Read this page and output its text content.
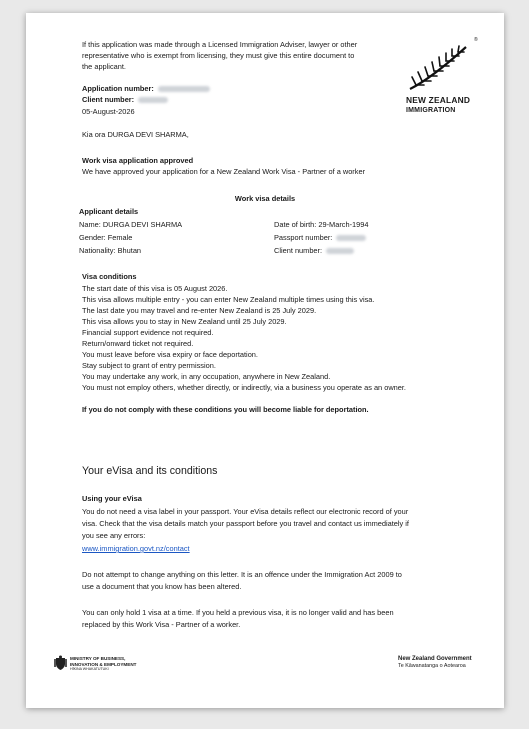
If this application was made through a Licensed Immigration Adviser, lawyer or other
representative who is exempt from licensing, they must give this entire document to
the applicant.
®
NEW ZEALAND
IMMIGRATION
Application number:
Client number:
05-August-2026
Kia ora DURGA DEVI SHARMA,
Work visa application approved
We have approved your application for a New Zealand Work Visa - Partner of a worker
Work visa details
Applicant details
Name: DURGA DEVI SHARMA
Gender: Female
Nationality: Bhutan
Date of birth: 29-March-1994
Passport number:
Client number:
Visa conditions
The start date of this visa is 05 August 2026.
This visa allows multiple entry - you can enter New Zealand multiple times using this visa.
The last date you may travel and re-enter New Zealand is 25 July 2029.
This visa allows you to stay in New Zealand until 25 July 2029.
Financial support evidence not required.
Return/onward ticket not required.
You must leave before visa expiry or face deportation.
Stay subject to grant of entry permission.
You may undertake any work, in any occupation, anywhere in New Zealand.
You must not employ others, whether directly, or indirectly, via a business you operate as an owner.
If you do not comply with these conditions you will become liable for deportation.
Your eVisa and its conditions
Using your eVisa
You do not need a visa label in your passport. Your eVisa details reflect our electronic record of your
visa. Check that the visa details match your passport before you travel and contact us immediately if
you see any errors:
www.immigration.govt.nz/contact
Do not attempt to change anything on this letter. It is an offence under the Immigration Act 2009 to
use a document that you know has been altered.
You can only hold 1 visa at a time. If you held a previous visa, it is no longer valid and has been
replaced by this Work Visa - Partner of a worker.
MINISTRY OF BUSINESS,
INNOVATION & EMPLOYMENT
HĪKINA WHAKATUTUKI
New Zealand Government
Te Kāwanatanga o Aotearoa
